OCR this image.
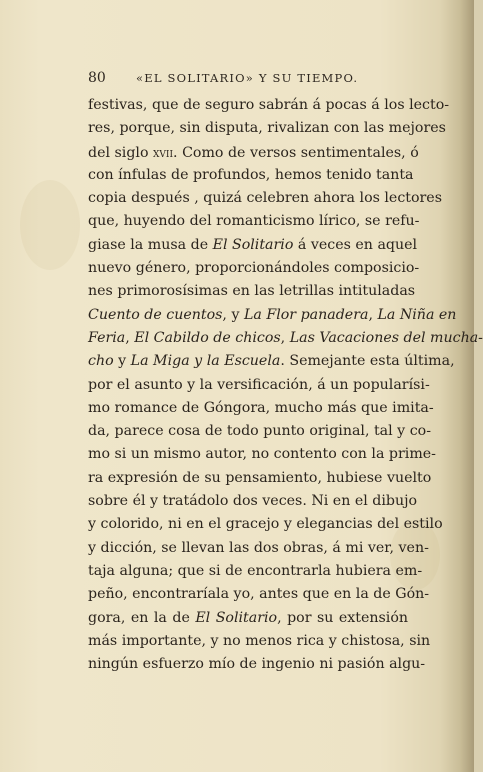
80	«EL SOLITARIO» Y SU TIEMPO.
festivas, que de seguro sabrán á pocas á los lecto-
res, porque, sin disputa, rivalizan con las mejores
del siglo xvii. Como de versos sentimentales, ó
con ínfulas de profundos, hemos tenido tanta
copia después , quizá celebren ahora los lectores
que, huyendo del romanticismo lírico, se refu-
giase la musa de El Solitario á veces en aquel
nuevo género, proporcionándoles composicio-
nes primorosísimas en las letrillas intituladas
Cuento de cuentos, y La Flor panadera, La Niña en
Feria, El Cabildo de chicos, Las Vacaciones del mucha-
cho y La Miga y la Escuela. Semejante esta última,
por el asunto y la versificación, á un popularísi-
mo romance de Góngora, mucho más que imita-
da, parece cosa de todo punto original, tal y co-
mo si un mismo autor, no contento con la prime-
ra expresión de su pensamiento, hubiese vuelto
sobre él y tratádolo dos veces. Ni en el dibujo
y colorido, ni en el gracejo y elegancias del estilo
y dicción, se llevan las dos obras, á mi ver, ven-
taja alguna; que si de encontrarla hubiera em-
peño, encontraríala yo, antes que en la de Gón-
gora, en la de El Solitario, por su extensión
más importante, y no menos rica y chistosa, sin
ningún esfuerzo mío de ingenio ni pasión algu-
